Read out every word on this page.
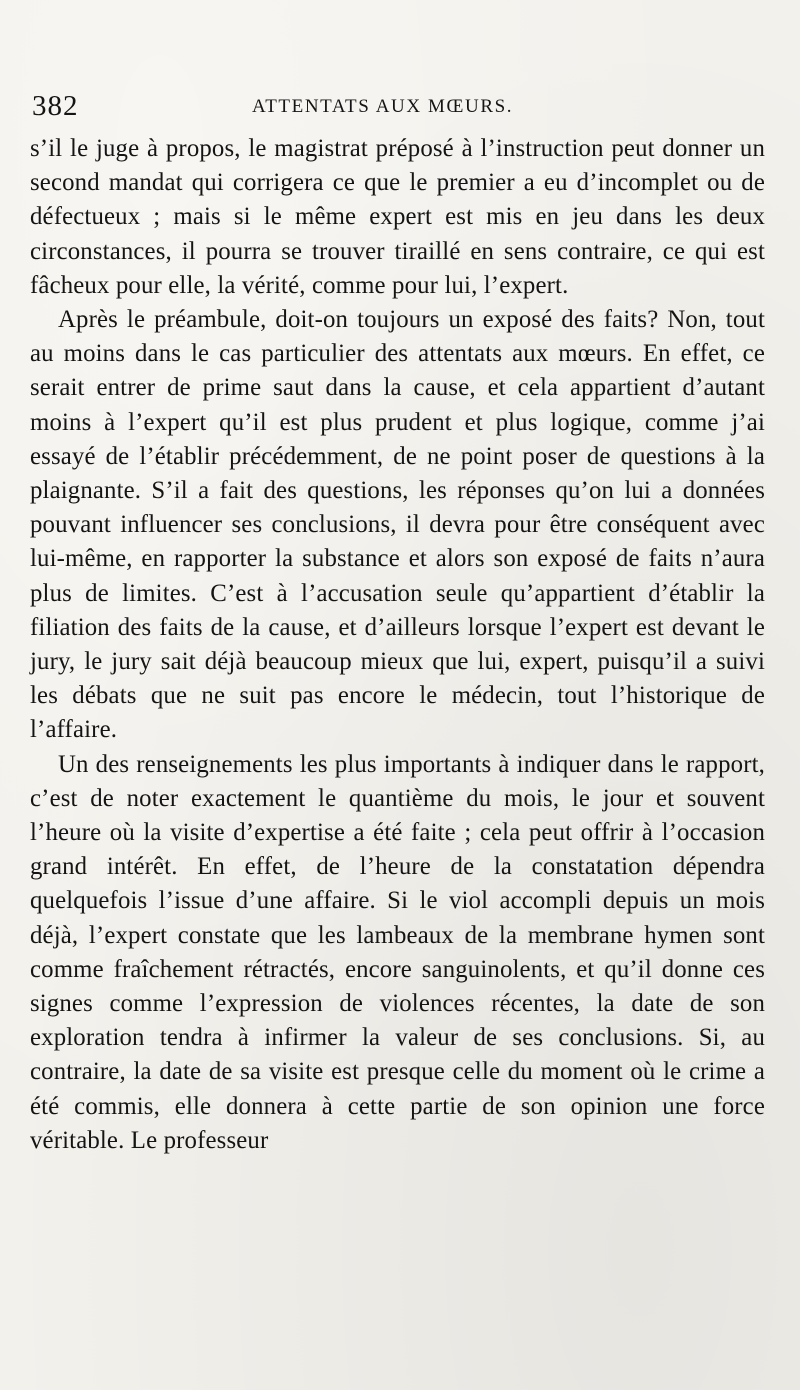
382	ATTENTATS AUX MŒURS.

s’il le juge à propos, le magistrat préposé à l’instruction peut donner un second mandat qui corrigera ce que le premier a eu d’incomplet ou de défectueux ; mais si le même expert est mis en jeu dans les deux circonstances, il pourra se trouver tiraillé en sens contraire, ce qui est fâcheux pour elle, la vérité, comme pour lui, l’expert.

Après le préambule, doit-on toujours un exposé des faits? Non, tout au moins dans le cas particulier des attentats aux mœurs. En effet, ce serait entrer de prime saut dans la cause, et cela appartient d’autant moins à l’expert qu’il est plus prudent et plus logique, comme j’ai essayé de l’établir précédemment, de ne point poser de questions à la plaignante. S’il a fait des questions, les réponses qu’on lui a données pouvant influencer ses conclusions, il devra pour être conséquent avec lui-même, en rapporter la substance et alors son exposé de faits n’aura plus de limites. C’est à l’accusation seule qu’appartient d’établir la filiation des faits de la cause, et d’ailleurs lorsque l’expert est devant le jury, le jury sait déjà beaucoup mieux que lui, expert, puisqu’il a suivi les débats que ne suit pas encore le médecin, tout l’historique de l’affaire.

Un des renseignements les plus importants à indiquer dans le rapport, c’est de noter exactement le quantième du mois, le jour et souvent l’heure où la visite d’expertise a été faite ; cela peut offrir à l’occasion grand intérêt. En effet, de l’heure de la constatation dépendra quelquefois l’issue d’une affaire. Si le viol accompli depuis un mois déjà, l’expert constate que les lambeaux de la membrane hymen sont comme fraîchement rétractés, encore sanguinolents, et qu’il donne ces signes comme l’expression de violences récentes, la date de son exploration tendra à infirmer la valeur de ses conclusions. Si, au contraire, la date de sa visite est presque celle du moment où le crime a été commis, elle donnera à cette partie de son opinion une force véritable. Le professeur
